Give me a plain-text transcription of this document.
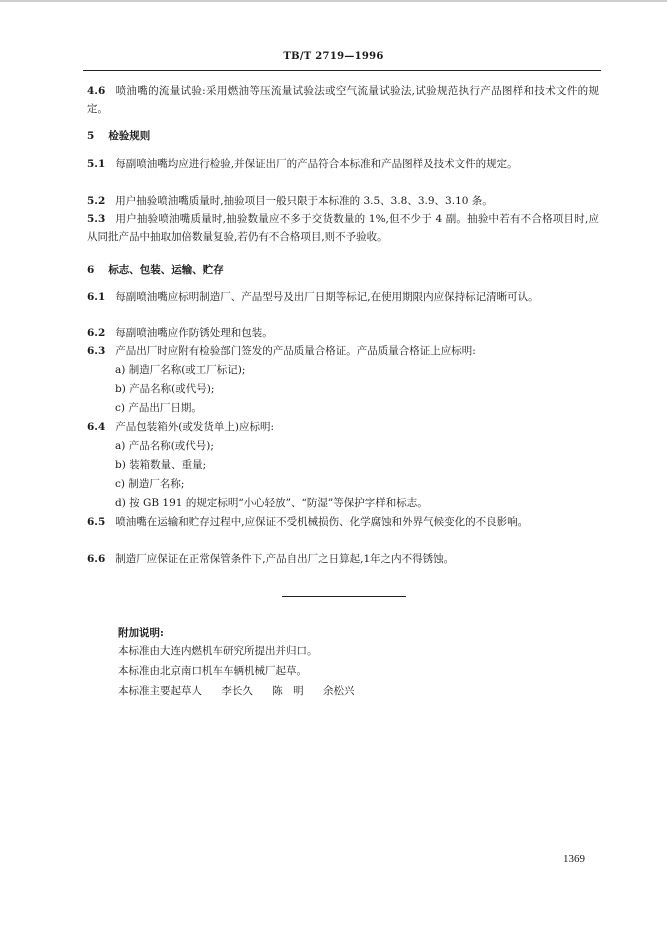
TB/T 2719—1996
4.6 喷油嘴的流量试验:采用燃油等压流量试验法或空气流量试验法,试验规范执行产品图样和技术文件的规定。
5 检验规则
5.1 每副喷油嘴均应进行检验,并保证出厂的产品符合本标准和产品图样及技术文件的规定。
5.2 用户抽验喷油嘴质量时,抽验项目一般只限于本标准的 3.5、3.8、3.9、3.10 条。
5.3 用户抽验喷油嘴质量时,抽验数量应不多于交货数量的 1%,但不少于 4 副。抽验中若有不合格项目时,应从同批产品中抽取加倍数量复验,若仍有不合格项目,则不予验收。
6 标志、包装、运输、贮存
6.1 每副喷油嘴应标明制造厂、产品型号及出厂日期等标记,在使用期限内应保持标记清晰可认。
6.2 每副喷油嘴应作防锈处理和包装。
6.3 产品出厂时应附有检验部门签发的产品质量合格证。产品质量合格证上应标明:
a) 制造厂名称(或工厂标记);
b) 产品名称(或代号);
c) 产品出厂日期。
6.4 产品包装箱外(或发货单上)应标明:
a) 产品名称(或代号);
b) 装箱数量、重量;
c) 制造厂名称;
d) 按 GB 191 的规定标明“小心轻放”、“防湿”等保护字样和标志。
6.5 喷油嘴在运输和贮存过程中,应保证不受机械损伤、化学腐蚀和外界气候变化的不良影响。
6.6 制造厂应保证在正常保管条件下,产品自出厂之日算起,1年之内不得锈蚀。
附加说明:
本标准由大连内燃机车研究所提出并归口。
本标准由北京南口机车车辆机械厂起草。
本标准主要起草人 李长久 陈　明 余松兴
1369
